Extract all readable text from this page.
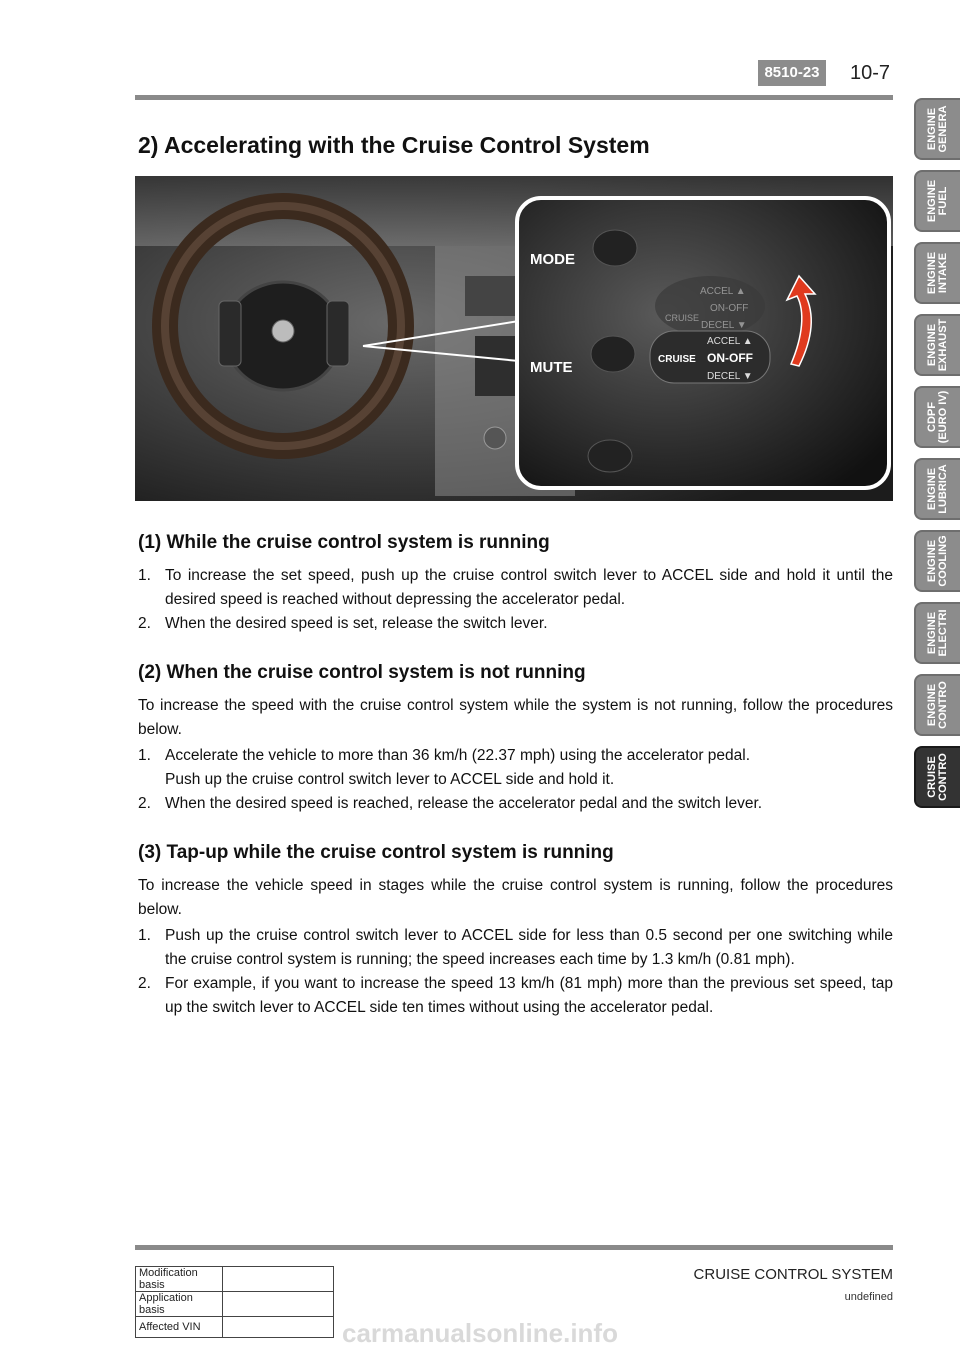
8510-23	10-7
ENGINE
GENERA
ENGINE
FUEL
ENGINE
INTAKE
ENGINE
EXHAUST
CDPF
(EURO IV)
ENGINE
LUBRICA
ENGINE
COOLING
ENGINE
ELECTRI
ENGINE
CONTRO
CRUISE
CONTRO
2) Accelerating with the Cruise Control System
MODE
MUTE
CRUISE
ACCEL ▲
ON-OFF
DECEL ▼
CRUISE
ACCEL ▲
ON-OFF
DECEL ▼
(1) While the cruise control system is running
1. To increase the set speed, push up the cruise control switch lever to ACCEL side and hold it until the desired speed is reached without depressing the accelerator pedal.
2. When the desired speed is set, release the switch lever.
(2) When the cruise control system is not running

To increase the speed with the cruise control system while the system is not running, follow the procedures below.

1. Accelerate the vehicle to more than 36 km/h (22.37 mph) using the accelerator pedal.
Push up the cruise control switch lever to ACCEL side and hold it.
2. When the desired speed is reached, release the accelerator pedal and the switch lever.
(3) Tap-up while the cruise control system is running

To increase the vehicle speed in stages while the cruise control system is running, follow the procedures below.

1. Push up the cruise control switch lever to ACCEL side for less than 0.5 second per one switching while the cruise control system is running; the speed increases each time by 1.3 km/h (0.81 mph).
2. For example, if you want to increase the speed 13 km/h (81 mph) more than the previous set speed, tap up the switch lever to ACCEL side ten times without using the accelerator pedal.
CRUISE CONTROL SYSTEM
undefined
Modification basis	
Application basis	
Affected VIN		carmanualsonline.info
